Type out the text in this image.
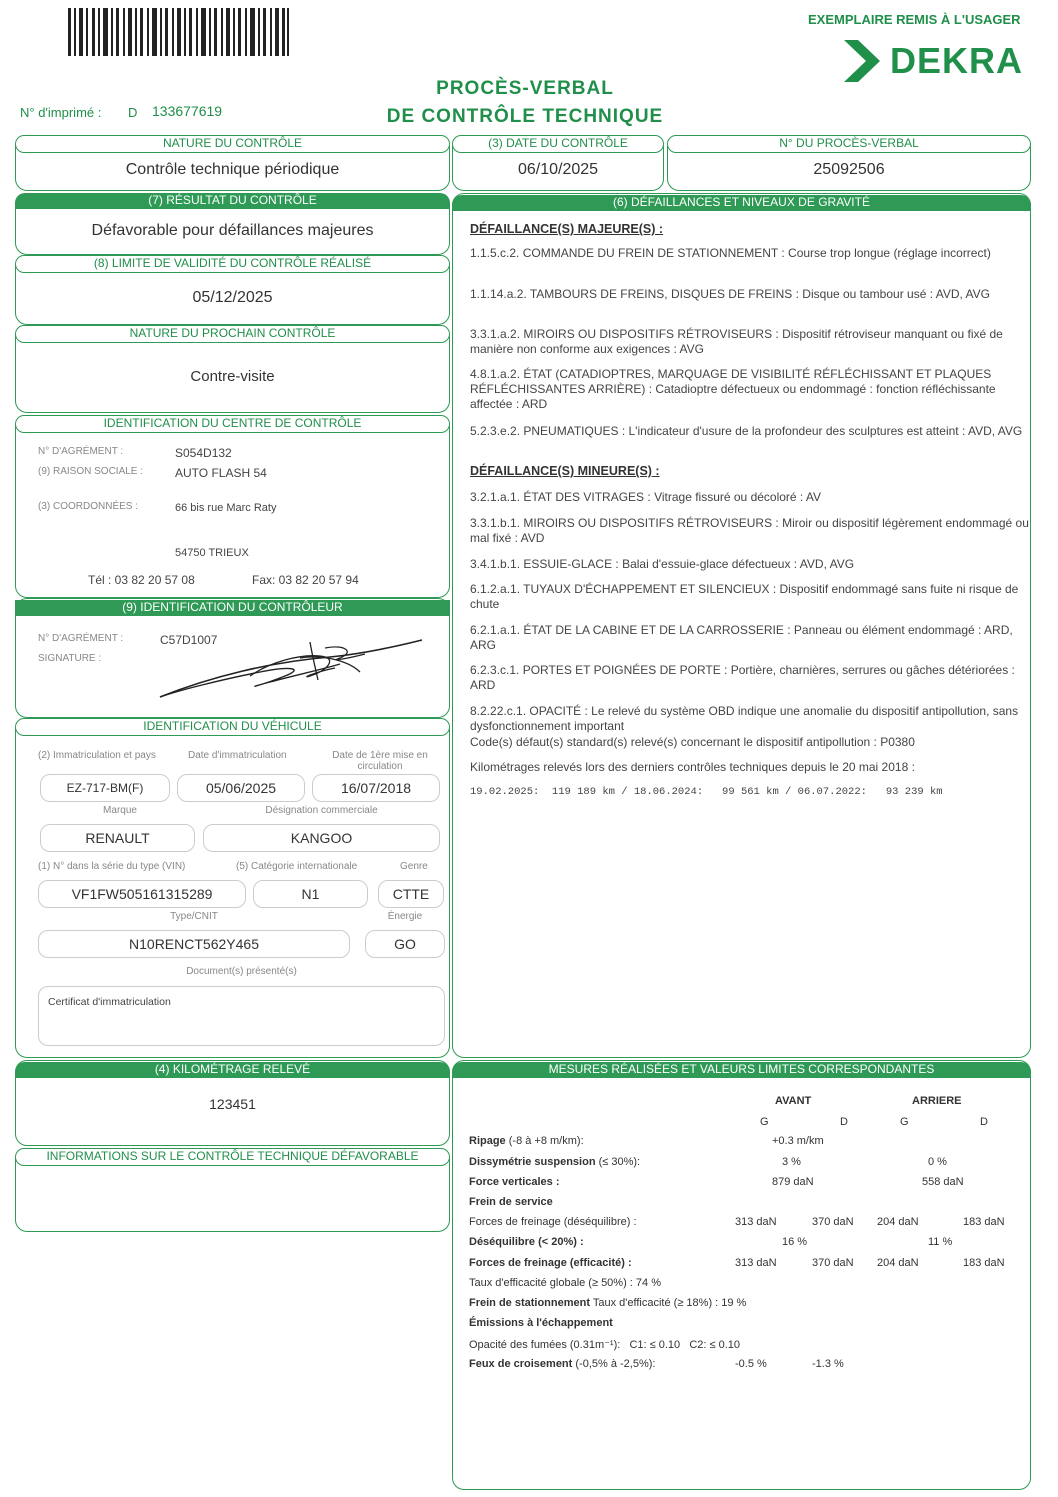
EXEMPLAIRE REMIS À L'USAGER
DEKRA
PROCÈS-VERBAL
DE CONTRÔLE TECHNIQUE
N° d'imprimé : D 133677619
NATURE DU CONTRÔLE
Contrôle technique périodique
(3) DATE DU CONTRÔLE
06/10/2025
N° DU PROCÈS-VERBAL
25092506
(7) RÉSULTAT DU CONTRÔLE
Défavorable pour défaillances majeures
(8) LIMITE DE VALIDITÉ DU CONTRÔLE RÉALISÉ
05/12/2025
NATURE DU PROCHAIN CONTRÔLE
Contre-visite
IDENTIFICATION DU CENTRE DE CONTRÔLE
N° D'AGRÉMENT :	S054D132
(9) RAISON SOCIALE :	AUTO FLASH 54
(3) COORDONNÉES :	66 bis rue Marc Raty
54750 TRIEUX
Tél : 03 82 20 57 08	Fax: 03 82 20 57 94
(9) IDENTIFICATION DU CONTRÔLEUR
N° D'AGRÉMENT :	C57D1007
SIGNATURE :
IDENTIFICATION DU VÉHICULE
(2) Immatriculation et pays	Date d'immatriculation	Date de 1ère mise en circulation
EZ-717-BM(F)	05/06/2025	16/07/2018
Marque	Désignation commerciale
RENAULT	KANGOO
(1) N° dans la série du type (VIN)	(5) Catégorie internationale	Genre
VF1FW505161315289	N1	CTTE
Type/CNIT	Énergie
N10RENCT562Y465	GO
Document(s) présenté(s)
Certificat d'immatriculation
(4) KILOMÉTRAGE RELEVÉ
123451
INFORMATIONS SUR LE CONTRÔLE TECHNIQUE DÉFAVORABLE
(6) DÉFAILLANCES ET NIVEAUX DE GRAVITÉ
DÉFAILLANCE(S) MAJEURE(S) :
1.1.5.c.2. COMMANDE DU FREIN DE STATIONNEMENT : Course trop longue (réglage incorrect)
1.1.14.a.2. TAMBOURS DE FREINS, DISQUES DE FREINS : Disque ou tambour usé : AVD, AVG
3.3.1.a.2. MIROIRS OU DISPOSITIFS RÉTROVISEURS : Dispositif rétroviseur manquant ou fixé de manière non conforme aux exigences : AVG
4.8.1.a.2. ÉTAT (CATADIOPTRES, MARQUAGE DE VISIBILITÉ RÉFLÉCHISSANT ET PLAQUES RÉFLÉCHISSANTES ARRIÈRE) : Catadioptre défectueux ou endommagé : fonction réfléchissante affectée : ARD
5.2.3.e.2. PNEUMATIQUES : L'indicateur d'usure de la profondeur des sculptures est atteint : AVD, AVG
DÉFAILLANCE(S) MINEURE(S) :
3.2.1.a.1. ÉTAT DES VITRAGES : Vitrage fissuré ou décoloré : AV
3.3.1.b.1. MIROIRS OU DISPOSITIFS RÉTROVISEURS : Miroir ou dispositif légèrement endommagé ou mal fixé : AVD
3.4.1.b.1. ESSUIE-GLACE : Balai d'essuie-glace défectueux : AVD, AVG
6.1.2.a.1. TUYAUX D'ÉCHAPPEMENT ET SILENCIEUX : Dispositif endommagé sans fuite ni risque de chute
6.2.1.a.1. ÉTAT DE LA CABINE ET DE LA CARROSSERIE : Panneau ou élément endommagé : ARD, ARG
6.2.3.c.1. PORTES ET POIGNÉES DE PORTE : Portière, charnières, serrures ou gâches détériorées : ARD
8.2.22.c.1. OPACITÉ : Le relevé du système OBD indique une anomalie du dispositif antipollution, sans dysfonctionnement important
Code(s) défaut(s) standard(s) relevé(s) concernant le dispositif antipollution : P0380
Kilométrages relevés lors des derniers contrôles techniques depuis le 20 mai 2018 :
19.02.2025:  119 189 km / 18.06.2024:   99 561 km / 06.07.2022:   93 239 km
MESURES RÉALISÉES ET VALEURS LIMITES CORRESPONDANTES
AVANT	ARRIERE
G	D	G	D
Ripage (-8 à +8 m/km):	+0.3 m/km
Dissymétrie suspension (≤ 30%):	3 %	0 %
Force verticales :	879 daN	558 daN
Frein de service
Forces de freinage (déséquilibre) :	313 daN	370 daN 204 daN	183 daN
Déséquilibre (< 20%) :	16 %	11 %
Forces de freinage (efficacité) :	313 daN	370 daN 204 daN	183 daN
Taux d'efficacité globale (≥ 50%) : 74 %
Frein de stationnement Taux d'efficacité (≥ 18%) : 19 %
Émissions à l'échappement
Opacité des fumées (0.31m⁻¹):   C1: ≤ 0.10   C2: ≤ 0.10
Feux de croisement (-0,5% à -2,5%):	-0.5 %	-1.3 %
